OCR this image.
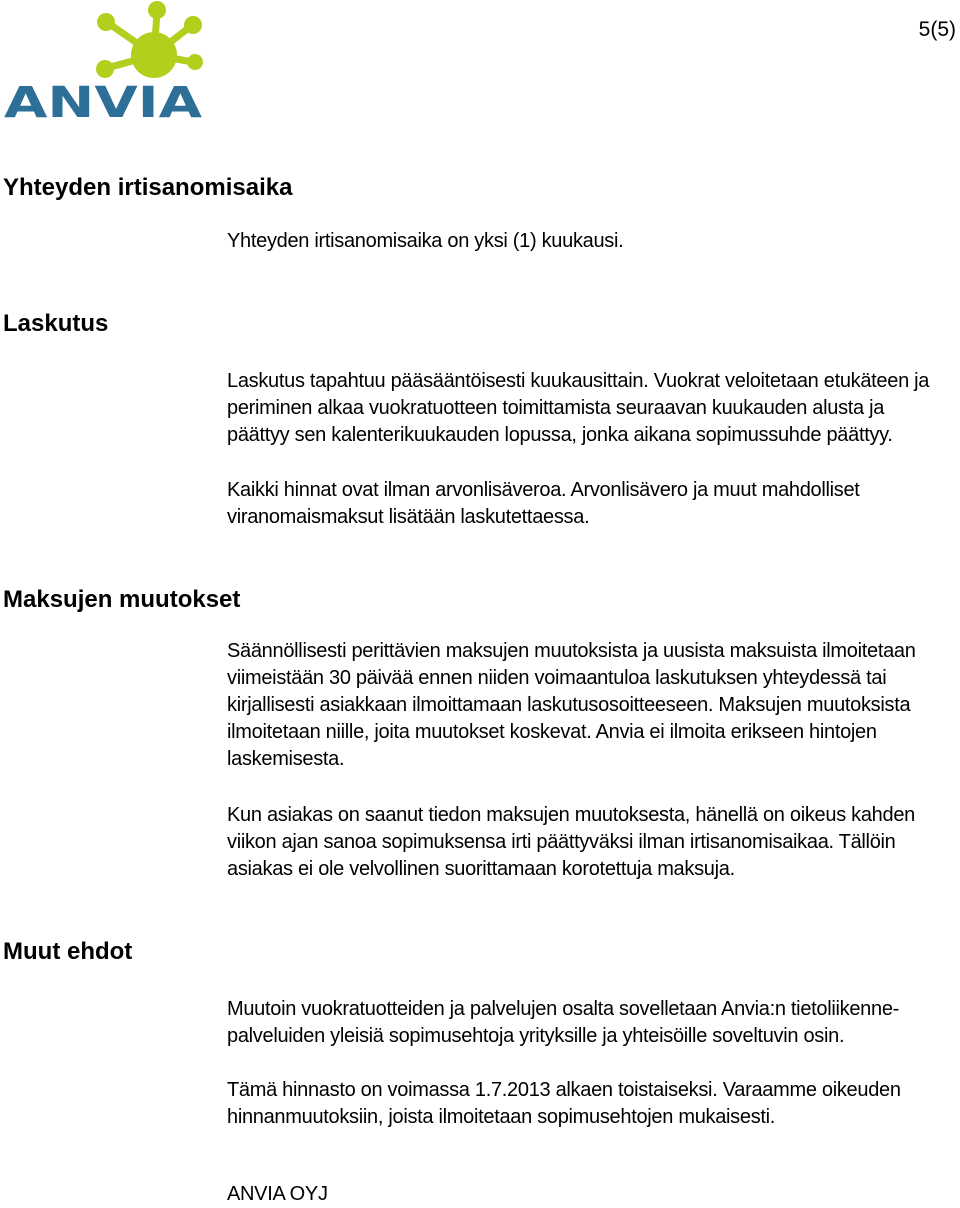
ANVIA
5(5)
Yhteyden irtisanomisaika

Yhteyden irtisanomisaika on yksi (1) kuukausi.

Laskutus

Laskutus tapahtuu pääsääntöisesti kuukausittain. Vuokrat veloitetaan etukäteen ja periminen alkaa vuokratuotteen toimittamista seuraavan kuukauden alusta ja päättyy sen kalenterikuukauden lopussa, jonka aikana sopimussuhde päättyy.

Kaikki hinnat ovat ilman arvonlisäveroa. Arvonlisävero ja muut mahdolliset viranomaismaksut lisätään laskutettaessa.

Maksujen muutokset

Säännöllisesti perittävien maksujen muutoksista ja uusista maksuista ilmoitetaan viimeistään 30 päivää ennen niiden voimaantuloa laskutuksen yhteydessä tai kirjallisesti asiakkaan ilmoittamaan laskutusosoitteeseen. Maksujen muutoksista ilmoitetaan niille, joita muutokset koskevat. Anvia ei ilmoita erikseen hintojen laskemisesta.

Kun asiakas on saanut tiedon maksujen muutoksesta, hänellä on oikeus kahden viikon ajan sanoa sopimuksensa irti päättyväksi ilman irtisanomisaikaa. Tällöin asiakas ei ole velvollinen suorittamaan korotettuja maksuja.

Muut ehdot

Muutoin vuokratuotteiden ja palvelujen osalta sovelletaan Anvia:n tietoliikenne-palveluiden yleisiä sopimusehtoja yrityksille ja yhteisöille soveltuvin osin.

Tämä hinnasto on voimassa 1.7.2013 alkaen toistaiseksi. Varaamme oikeuden hinnanmuutoksiin, joista ilmoitetaan sopimusehtojen mukaisesti.

ANVIA OYJ
